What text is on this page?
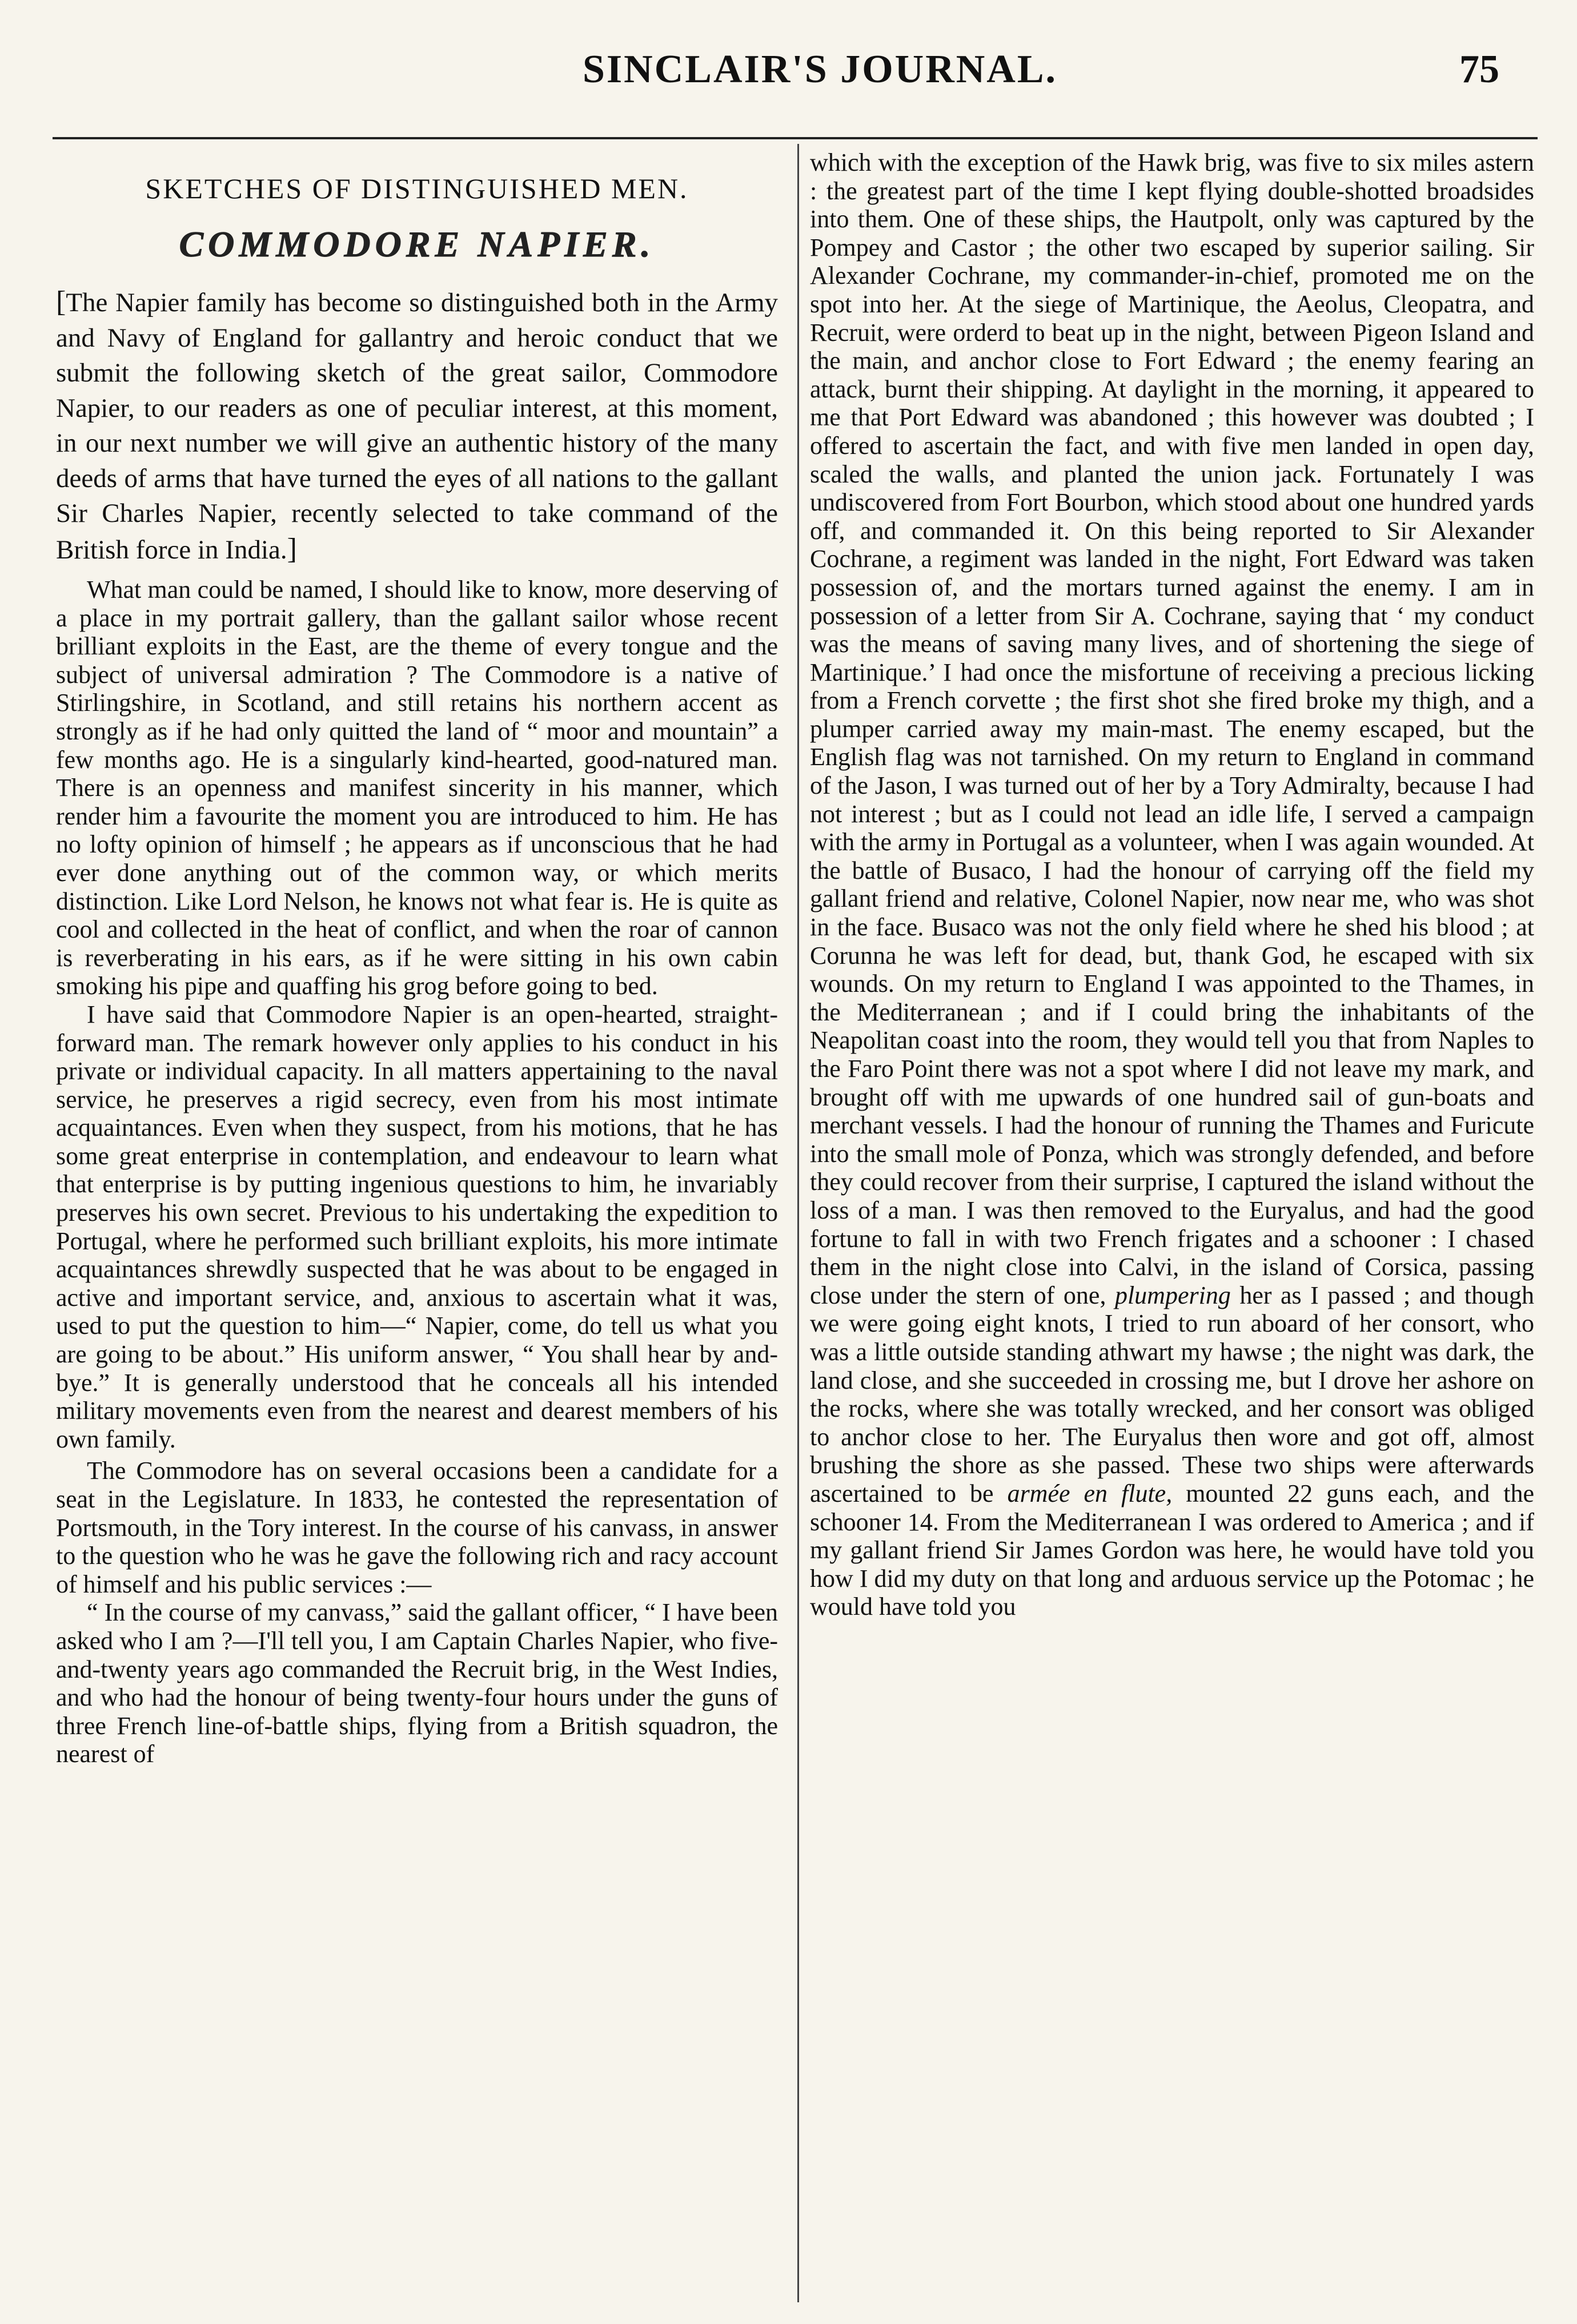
SINCLAIR'S JOURNAL.	75
SKETCHES OF DISTINGUISHED MEN.
COMMODORE NAPIER.

[The Napier family has become so distinguished both in the Army and Navy of England for gallantry and heroic conduct that we submit the following sketch of the great sailor, Commodore Napier, to our readers as one of peculiar interest, at this moment, in our next number we will give an authentic history of the many deeds of arms that have turned the eyes of all nations to the gallant Sir Charles Napier, recently selected to take command of the British force in India.]

What man could be named, I should like to know, more deserving of a place in my portrait gallery, than the gallant sailor whose recent brilliant exploits in the East, are the theme of every tongue and the subject of universal admiration ? The Commodore is a native of Stirlingshire, in Scotland, and still retains his northern accent as strongly as if he had only quitted the land of “ moor and mountain” a few months ago. He is a singularly kind-hearted, good-natured man. There is an openness and manifest sincerity in his manner, which render him a favourite the moment you are introduced to him. He has no lofty opinion of himself ; he appears as if unconscious that he had ever done anything out of the common way, or which merits distinction. Like Lord Nelson, he knows not what fear is. He is quite as cool and collected in the heat of conflict, and when the roar of cannon is reverberating in his ears, as if he were sitting in his own cabin smoking his pipe and quaffing his grog before going to bed.

I have said that Commodore Napier is an open-hearted, straight-forward man. The remark however only applies to his conduct in his private or individual capacity. In all matters appertaining to the naval service, he preserves a rigid secrecy, even from his most intimate acquaintances. Even when they suspect, from his motions, that he has some great enterprise in contemplation, and endeavour to learn what that enterprise is by putting ingenious questions to him, he invariably preserves his own secret. Previous to his undertaking the expedition to Portugal, where he performed such brilliant exploits, his more intimate acquaintances shrewdly suspected that he was about to be engaged in active and important service, and, anxious to ascertain what it was, used to put the question to him—“ Napier, come, do tell us what you are going to be about.” His uniform answer, “ You shall hear by and-bye.” It is generally understood that he conceals all his intended military movements even from the nearest and dearest members of his own family.

The Commodore has on several occasions been a candidate for a seat in the Legislature. In 1833, he contested the representation of Portsmouth, in the Tory interest. In the course of his canvass, in answer to the question who he was he gave the following rich and racy account of himself and his public services :—

“ In the course of my canvass,” said the gallant officer, “ I have been asked who I am ?—I'll tell you, I am Captain Charles Napier, who five-and-twenty years ago commanded the Recruit brig, in the West Indies, and who had the honour of being twenty-four hours under the guns of three French line-of-battle ships, flying from a British squadron, the nearest of

which with the exception of the Hawk brig, was five to six miles astern : the greatest part of the time I kept flying double-shotted broadsides into them. One of these ships, the Hautpolt, only was captured by the Pompey and Castor ; the other two escaped by superior sailing. Sir Alexander Cochrane, my commander-in-chief, promoted me on the spot into her. At the siege of Martinique, the Aeolus, Cleopatra, and Recruit, were orderd to beat up in the night, between Pigeon Island and the main, and anchor close to Fort Edward ; the enemy fearing an attack, burnt their shipping. At daylight in the morning, it appeared to me that Port Edward was abandoned ; this however was doubted ; I offered to ascertain the fact, and with five men landed in open day, scaled the walls, and planted the union jack. Fortunately I was undiscovered from Fort Bourbon, which stood about one hundred yards off, and commanded it. On this being reported to Sir Alexander Cochrane, a regiment was landed in the night, Fort Edward was taken possession of, and the mortars turned against the enemy. I am in possession of a letter from Sir A. Cochrane, saying that ‘ my conduct was the means of saving many lives, and of shortening the siege of Martinique.’ I had once the misfortune of receiving a precious licking from a French corvette ; the first shot she fired broke my thigh, and a plumper carried away my main-mast. The enemy escaped, but the English flag was not tarnished. On my return to England in command of the Jason, I was turned out of her by a Tory Admiralty, because I had not interest ; but as I could not lead an idle life, I served a campaign with the army in Portugal as a volunteer, when I was again wounded. At the battle of Busaco, I had the honour of carrying off the field my gallant friend and relative, Colonel Napier, now near me, who was shot in the face. Busaco was not the only field where he shed his blood ; at Corunna he was left for dead, but, thank God, he escaped with six wounds. On my return to England I was appointed to the Thames, in the Mediterranean ; and if I could bring the inhabitants of the Neapolitan coast into the room, they would tell you that from Naples to the Faro Point there was not a spot where I did not leave my mark, and brought off with me upwards of one hundred sail of gun-boats and merchant vessels. I had the honour of running the Thames and Furicute into the small mole of Ponza, which was strongly defended, and before they could recover from their surprise, I captured the island without the loss of a man. I was then removed to the Euryalus, and had the good fortune to fall in with two French frigates and a schooner : I chased them in the night close into Calvi, in the island of Corsica, passing close under the stern of one, plumpering her as I passed ; and though we were going eight knots, I tried to run aboard of her consort, who was a little outside standing athwart my hawse ; the night was dark, the land close, and she succeeded in crossing me, but I drove her ashore on the rocks, where she was totally wrecked, and her consort was obliged to anchor close to her. The Euryalus then wore and got off, almost brushing the shore as she passed. These two ships were afterwards ascertained to be armée en flute, mounted 22 guns each, and the schooner 14. From the Mediterranean I was ordered to America ; and if my gallant friend Sir James Gordon was here, he would have told you how I did my duty on that long and arduous service up the Potomac ; he would have told you
